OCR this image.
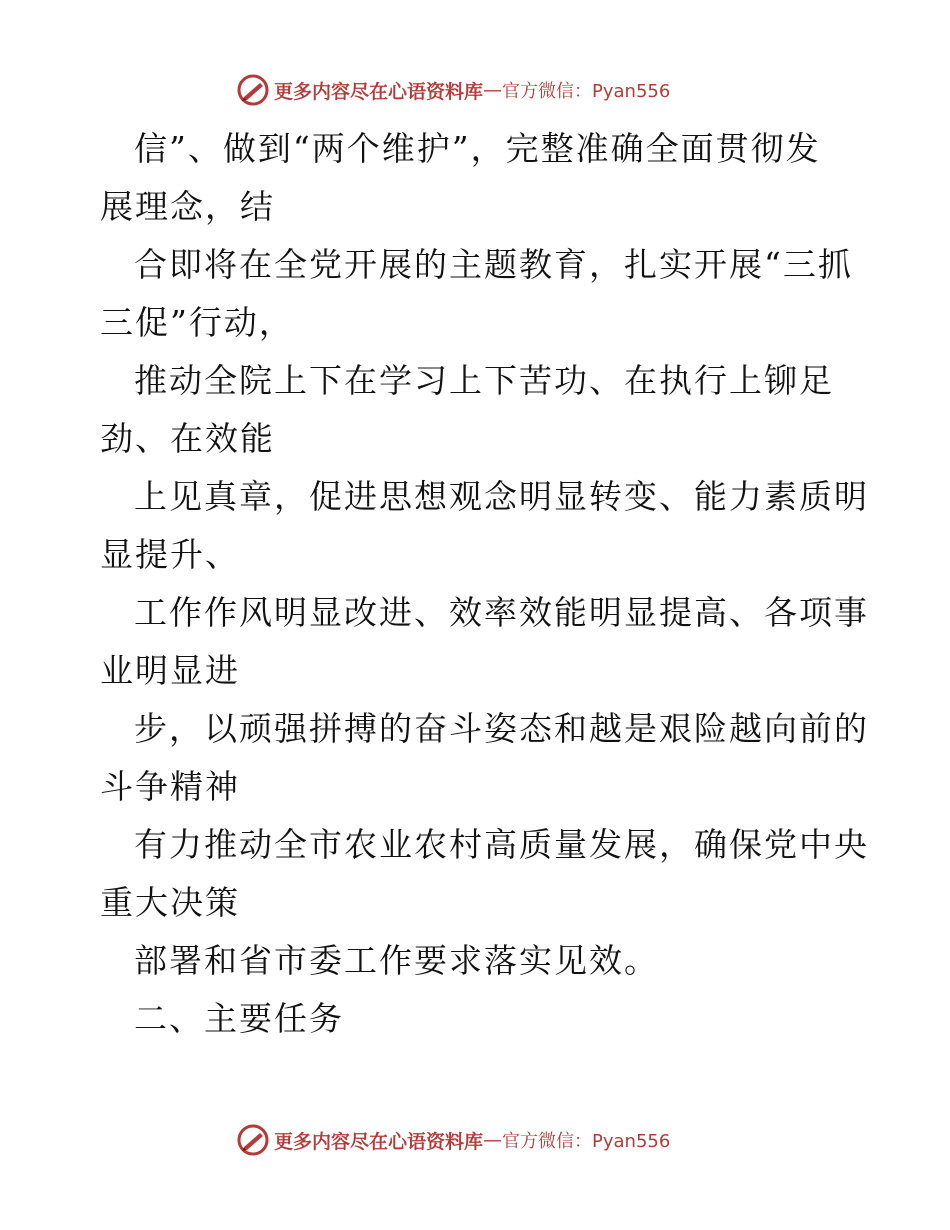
更多内容尽在心语资料库 — 官方微信：Pyan556
信”、做到“两个维护”，完整准确全面贯彻发
展理念，结
合即将在全党开展的主题教育，扎实开展“三抓
三促”行动，
推动全院上下在学习上下苦功、在执行上铆足
劲、在效能
上见真章，促进思想观念明显转变、能力素质明
显提升、
工作作风明显改进、效率效能明显提高、各项事
业明显进
步，以顽强拼搏的奋斗姿态和越是艰险越向前的
斗争精神
有力推动全市农业农村高质量发展，确保党中央
重大决策
部署和省市委工作要求落实见效。
二、主要任务
更多内容尽在心语资料库 — 官方微信：Pyan556
